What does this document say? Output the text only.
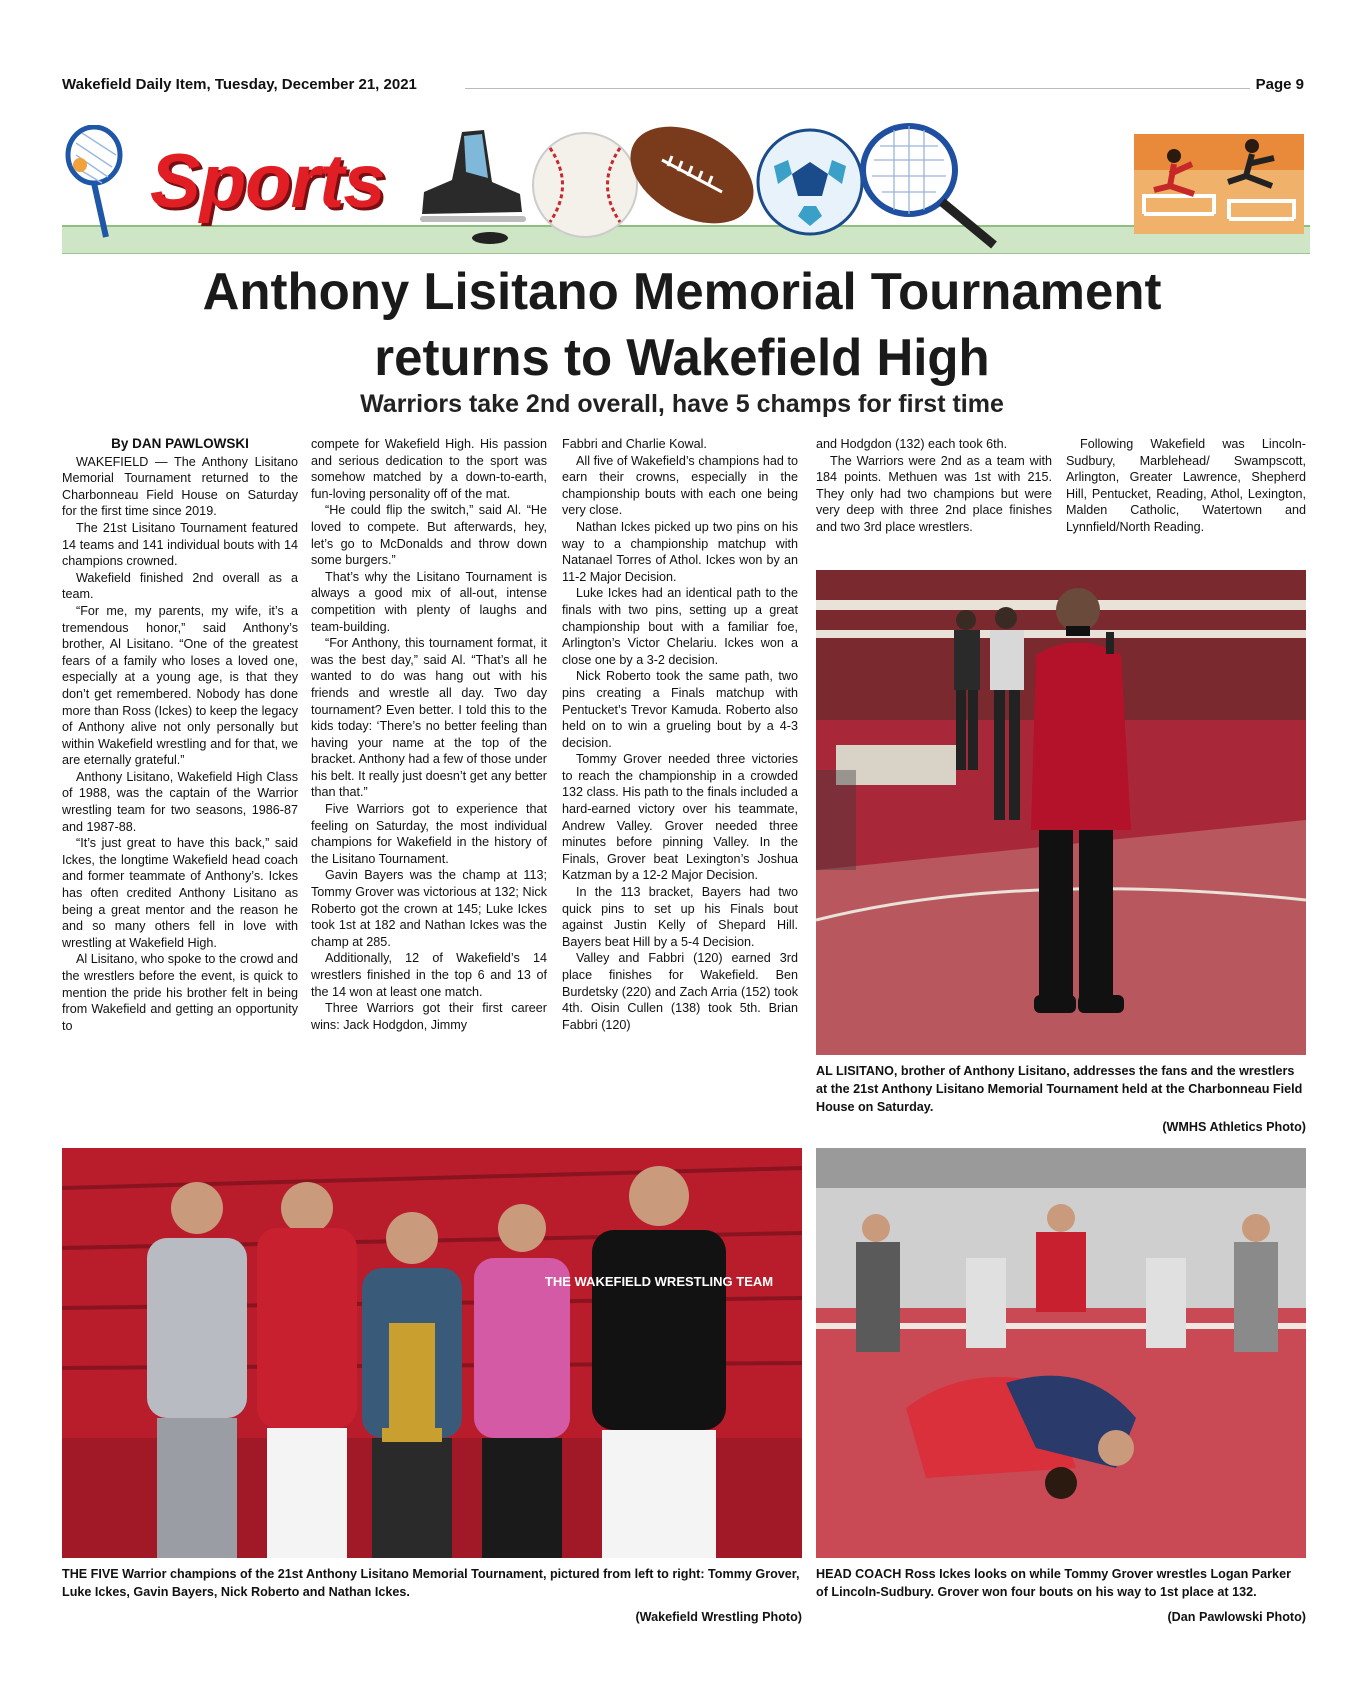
Wakefield Daily Item, Tuesday, December 21, 2021	Page 9
Sports
Anthony Lisitano Memorial Tournament
returns to Wakefield High
Warriors take 2nd overall, have 5 champs for first time
By DAN PAWLOWSKI

WAKEFIELD — The Anthony Lisitano Memorial Tournament returned to the Charbonneau Field House on Saturday for the first time since 2019.

The 21st Lisitano Tournament featured 14 teams and 141 individual bouts with 14 champions crowned.

Wakefield finished 2nd overall as a team.

“For me, my parents, my wife, it’s a tremendous honor,” said Anthony’s brother, Al Lisitano. “One of the greatest fears of a family who loses a loved one, especially at a young age, is that they don’t get remembered. Nobody has done more than Ross (Ickes) to keep the legacy of Anthony alive not only personally but within Wakefield wrestling and for that, we are eternally grateful.”

Anthony Lisitano, Wakefield High Class of 1988, was the captain of the Warrior wrestling team for two seasons, 1986-87 and 1987-88.

“It’s just great to have this back,” said Ickes, the longtime Wakefield head coach and former teammate of Anthony’s. Ickes has often credited Anthony Lisitano as being a great mentor and the reason he and so many others fell in love with wrestling at Wakefield High.

Al Lisitano, who spoke to the crowd and the wrestlers before the event, is quick to mention the pride his brother felt in being from Wakefield and getting an opportunity to

compete for Wakefield High. His passion and serious dedication to the sport was somehow matched by a down-to-earth, fun-loving personality off of the mat.

“He could flip the switch,” said Al. “He loved to compete. But afterwards, hey, let’s go to McDonalds and throw down some burgers.”

That’s why the Lisitano Tournament is always a good mix of all-out, intense competition with plenty of laughs and team-building.

“For Anthony, this tournament format, it was the best day,” said Al. “That’s all he wanted to do was hang out with his friends and wrestle all day. Two day tournament? Even better. I told this to the kids today: ‘There’s no better feeling than having your name at the top of the bracket. Anthony had a few of those under his belt. It really just doesn’t get any better than that.”

Five Warriors got to experience that feeling on Saturday, the most individual champions for Wakefield in the history of the Lisitano Tournament.

Gavin Bayers was the champ at 113; Tommy Grover was victorious at 132; Nick Roberto got the crown at 145; Luke Ickes took 1st at 182 and Nathan Ickes was the champ at 285.

Additionally, 12 of Wakefield’s 14 wrestlers finished in the top 6 and 13 of the 14 won at least one match.

Three Warriors got their first career wins: Jack Hodgdon, Jimmy

Fabbri and Charlie Kowal.

All five of Wakefield’s champions had to earn their crowns, especially in the championship bouts with each one being very close.

Nathan Ickes picked up two pins on his way to a championship matchup with Natanael Torres of Athol. Ickes won by an 11-2 Major Decision.

Luke Ickes had an identical path to the finals with two pins, setting up a great championship bout with a familiar foe, Arlington’s Victor Chelariu. Ickes won a close one by a 3-2 decision.

Nick Roberto took the same path, two pins creating a Finals matchup with Pentucket’s Trevor Kamuda. Roberto also held on to win a grueling bout by a 4-3 decision.

Tommy Grover needed three victories to reach the championship in a crowded 132 class. His path to the finals included a hard-earned victory over his teammate, Andrew Valley. Grover needed three minutes before pinning Valley. In the Finals, Grover beat Lexington’s Joshua Katzman by a 12-2 Major Decision.

In the 113 bracket, Bayers had two quick pins to set up his Finals bout against Justin Kelly of Shepard Hill. Bayers beat Hill by a 5-4 Decision.

Valley and Fabbri (120) earned 3rd place finishes for Wakefield. Ben Burdetsky (220) and Zach Arria (152) took 4th. Oisin Cullen (138) took 5th. Brian Fabbri (120)

and Hodgdon (132) each took 6th.

The Warriors were 2nd as a team with 184 points. Methuen was 1st with 215. They only had two champions but were very deep with three 2nd place finishes and two 3rd place wrestlers.

Following Wakefield was Lincoln-Sudbury, Marblehead/ Swampscott, Arlington, Greater Lawrence, Shepherd Hill, Pentucket, Reading, Athol, Lexington, Malden Catholic, Watertown and Lynnfield/North Reading.

AL LISITANO, brother of Anthony Lisitano, addresses the fans and the wrestlers at the 21st Anthony Lisitano Memorial Tournament held at the Charbonneau Field House on Saturday.
(WMHS Athletics Photo)
THE WAKEFIELD WRESTLING TEAM
THE FIVE Warrior champions of the 21st Anthony Lisitano Memorial Tournament, pictured from left to right: Tommy Grover, Luke Ickes, Gavin Bayers, Nick Roberto and Nathan Ickes.
(Wakefield Wrestling Photo)
HEAD COACH Ross Ickes looks on while Tommy Grover wrestles Logan Parker of Lincoln-Sudbury. Grover won four bouts on his way to 1st place at 132.
(Dan Pawlowski Photo)
